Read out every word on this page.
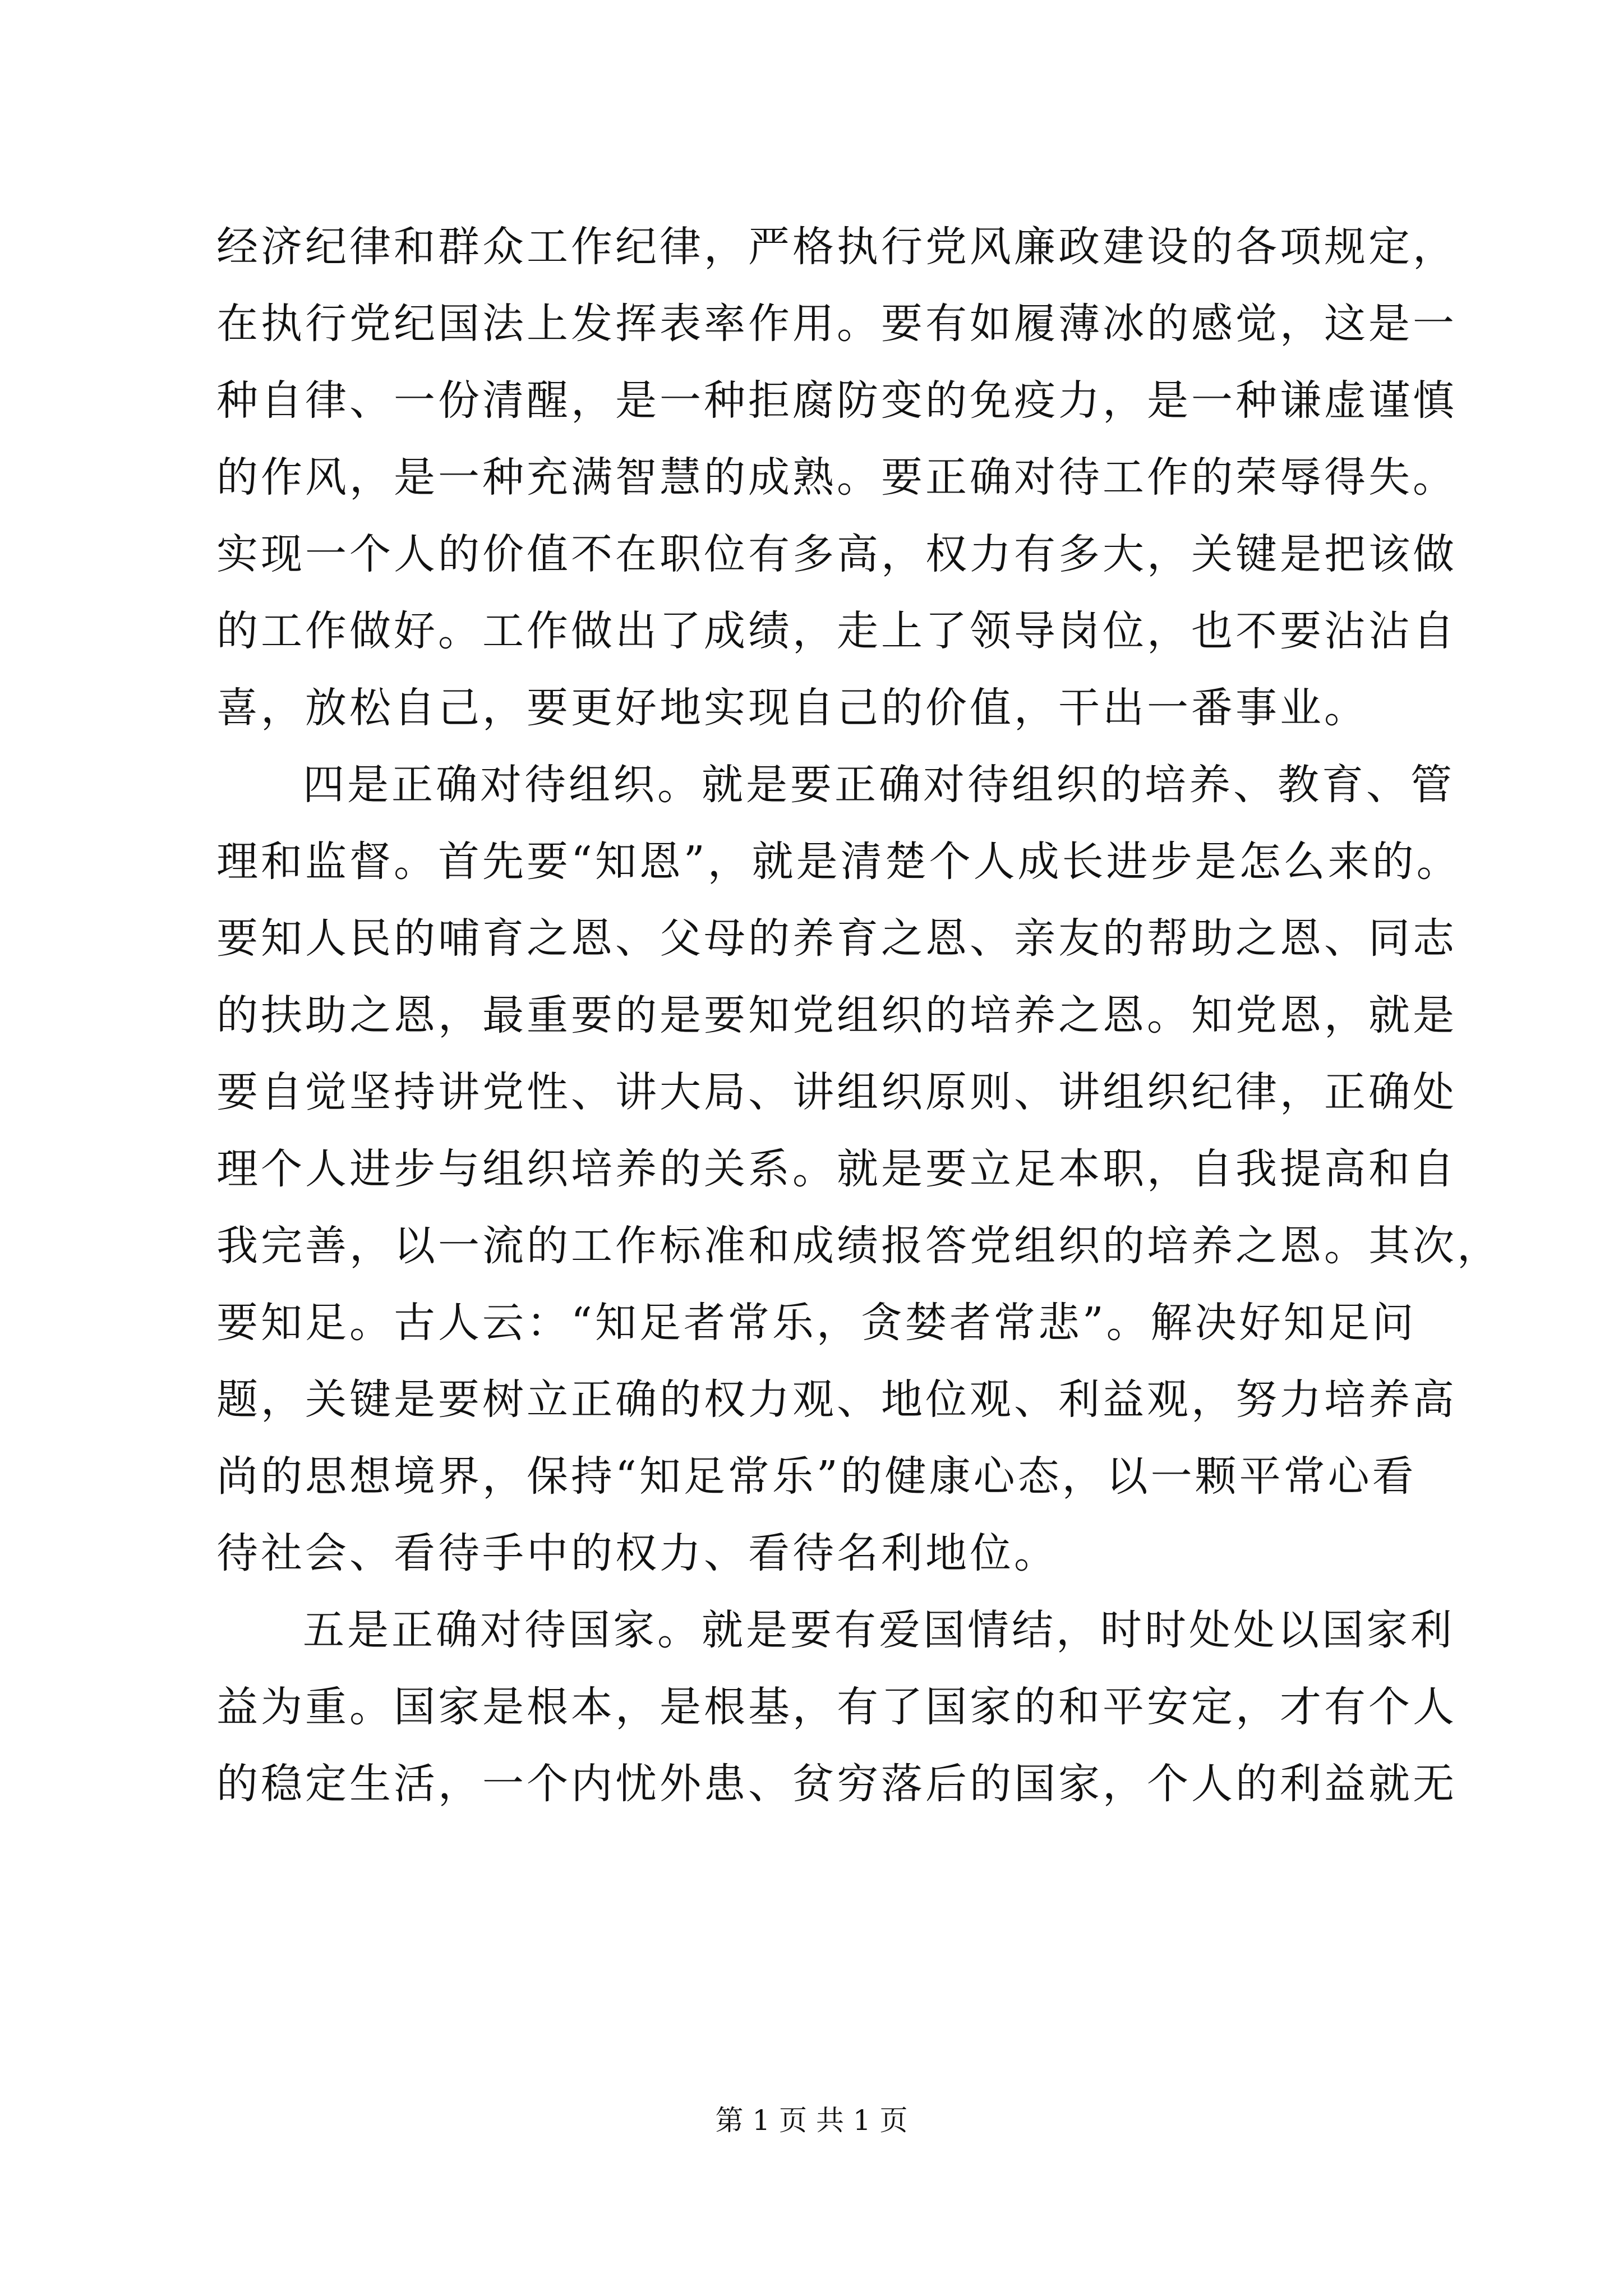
经济纪律和群众工作纪律，严格执行党风廉政建设的各项规定，
在执行党纪国法上发挥表率作用。要有如履薄冰的感觉，这是一
种自律、一份清醒，是一种拒腐防变的免疫力，是一种谦虚谨慎
的作风，是一种充满智慧的成熟。要正确对待工作的荣辱得失。
实现一个人的价值不在职位有多高，权力有多大，关键是把该做
的工作做好。工作做出了成绩，走上了领导岗位，也不要沾沾自
喜，放松自己，要更好地实现自己的价值，干出一番事业。
四是正确对待组织。就是要正确对待组织的培养、教育、管
理和监督。首先要“知恩”，就是清楚个人成长进步是怎么来的。
要知人民的哺育之恩、父母的养育之恩、亲友的帮助之恩、同志
的扶助之恩，最重要的是要知党组织的培养之恩。知党恩，就是
要自觉坚持讲党性、讲大局、讲组织原则、讲组织纪律，正确处
理个人进步与组织培养的关系。就是要立足本职，自我提高和自
我完善，以一流的工作标准和成绩报答党组织的培养之恩。其次，
要知足。古人云：“知足者常乐，贪婪者常悲”。解决好知足问
题，关键是要树立正确的权力观、地位观、利益观，努力培养高
尚的思想境界，保持“知足常乐”的健康心态，以一颗平常心看
待社会、看待手中的权力、看待名利地位。
五是正确对待国家。就是要有爱国情结，时时处处以国家利
益为重。国家是根本，是根基，有了国家的和平安定，才有个人
的稳定生活，一个内忧外患、贫穷落后的国家，个人的利益就无
第 1 页 共 1 页
